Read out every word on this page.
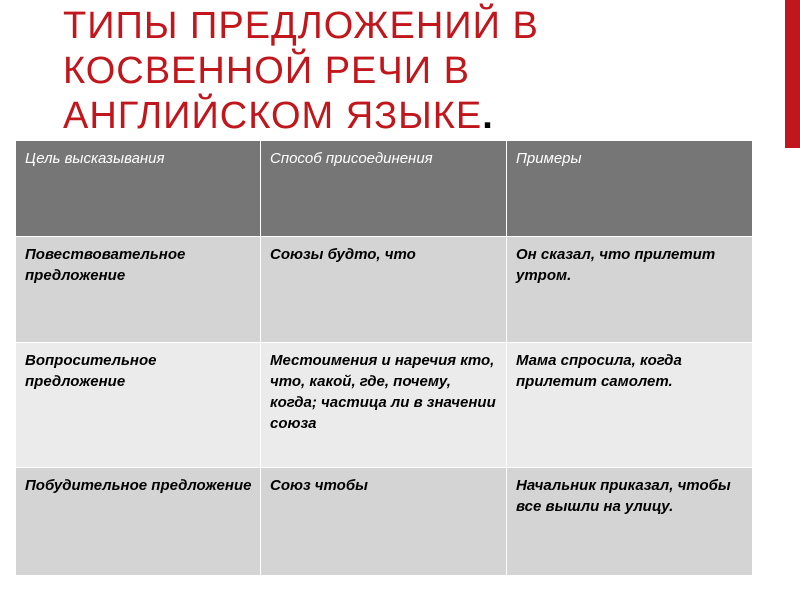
ТИПЫ ПРЕДЛОЖЕНИЙ В
КОСВЕННОЙ РЕЧИ В
АНГЛИЙСКОМ ЯЗЫКЕ.
Цель высказывания	Способ присоединения	Примеры
Повествовательное предложение	Союзы будто, что	Он сказал, что прилетит утром.
Вопросительное предложение	Местоимения и наречия кто, что, какой, где, почему, когда; частица ли в значении союза	Мама спросила, когда прилетит самолет.
Побудительное предложение	Союз чтобы	Начальник приказал, чтобы все вышли на улицу.
